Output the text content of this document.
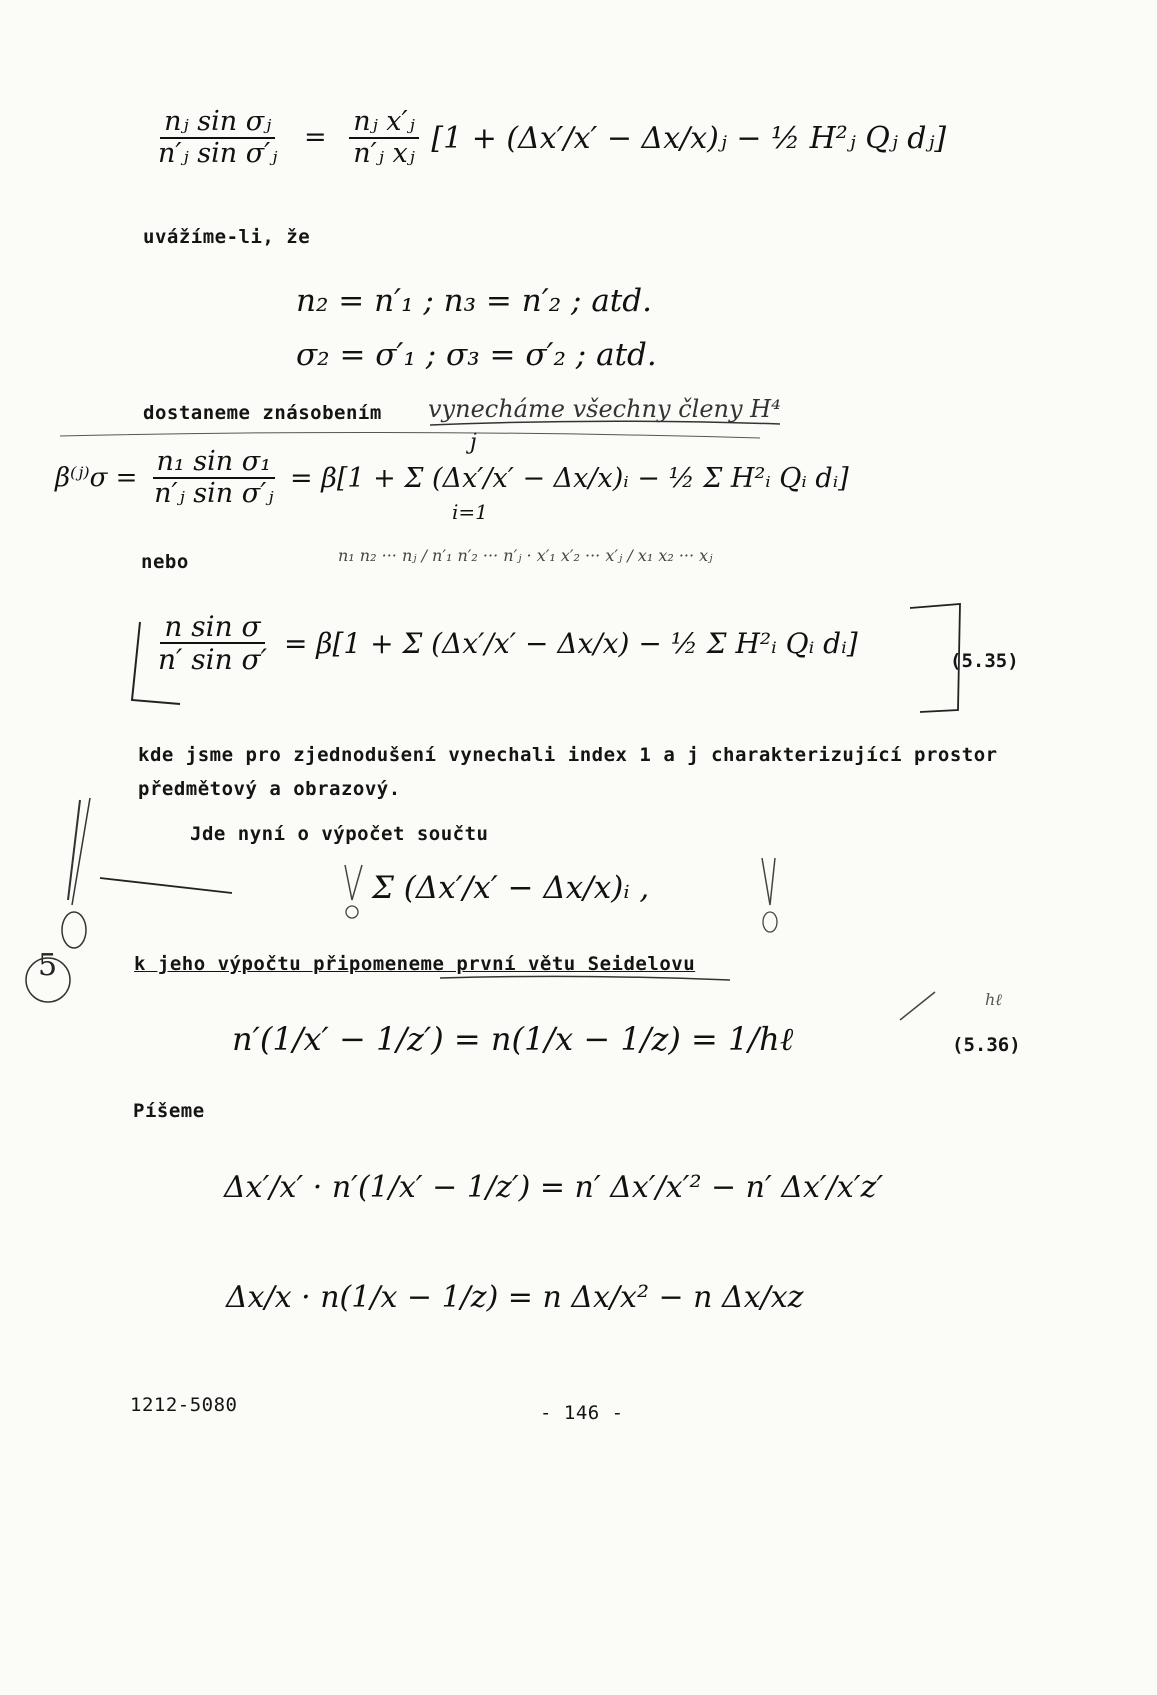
$\frac{\text{nⱼ sin σⱼ}}{\text{n′ⱼ sin σ′ⱼ}} = \frac{\text{nⱼ x′ⱼ}}{\text{n′ⱼ xⱼ}} [1 + (\Delta x'/x'$ − Δx/x)ⱼ − ½ H²ⱼ Qⱼ dⱼ]
uvážíme-li, že
n₂ = n′₁ ; n₃ = n′₂ ; atd.
σ₂ = σ′₁ ; σ₃ = σ′₂ ; atd.
dostaneme znásobením vynecháme všechny členy H⁴
β⁽ʲ⁾σ = $\frac{\text{n₁ sin σ₁}}{\text{n′ⱼ sin σ′ⱼ}} = \beta[1 + \Sigma$ (Δx′/x′ − Δx/x)ᵢ − ½ Σ H²ᵢ Qᵢ dᵢ]
j
i=1
nebo	n₁ n₂ ··· nⱼ / n′₁ n′₂ ··· n′ⱼ · x′₁ x′₂ ··· x′ⱼ / x₁ x₂ ··· xⱼ
$\frac{\text{n sin σ}}{\text{n′ sin σ′}} = \beta[1 + \Sigma$ (Δx′/x′ − Δx/x) − ½ Σ H²ᵢ Qᵢ dᵢ]
(5.35)
kde jsme pro zjednodušení vynechali index 1 a j charakterizující prostor
předmětový a obrazový.
Jde nyní o výpočet součtu
Σ (Δx′/x′ − Δx/x)ᵢ ,
k jeho výpočtu připomeneme první větu Seidelovu
n′(1/x′ − 1/z′) = n(1/x − 1/z) = 1/hℓ	(5.36)
Píšeme
Δx′/x′ · n′(1/x′ − 1/z′) = n′ Δx′/x′² − n′ Δx′/x′z′
Δx/x · n(1/x − 1/z) = n Δx/x² − n Δx/xz
1212-5080	- 146 -
5
hℓ
